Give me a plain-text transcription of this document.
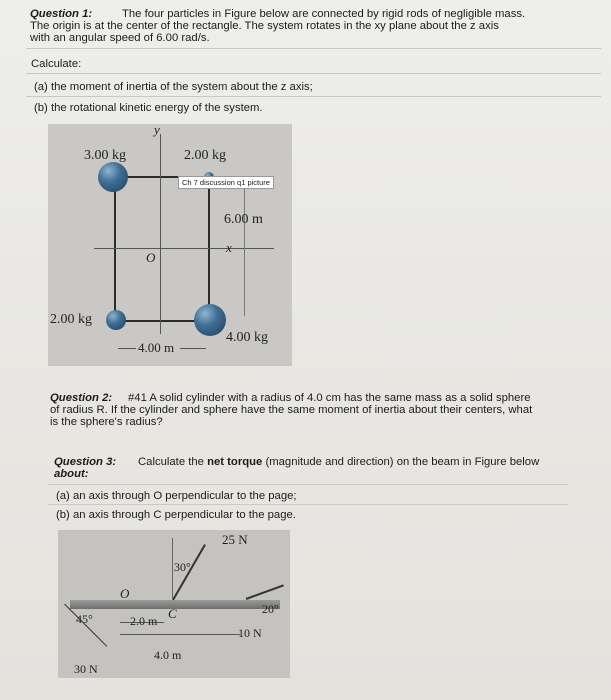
Question 1:	The four particles in Figure below are connected by rigid rods of negligible mass.
The origin is at the center of the rectangle. The system rotates in the xy plane about the z axis
with an angular speed of 6.00 rad/s.
Calculate:
(a) the moment of inertia of the system about the z axis;
(b) the rotational kinetic energy of the system.
y
x
O
3.00 kg	2.00 kg
2.00 kg
4.00 kg
6.00 m
4.00 m
Ch 7 discussion q1 picture
Question 2: #41 A solid cylinder with a radius of 4.0 cm has the same mass as a solid sphere
of radius R. If the cylinder and sphere have the same moment of inertia about their centers, what
is the sphere's radius?
Question 3: Calculate the net torque (magnitude and direction) on the beam in Figure below
about:
(a) an axis through O perpendicular to the page;
(b) an axis through C perpendicular to the page.
25 N
30°
O
C
45°
20°
2.0 m
4.0 m
10 N
30 N
